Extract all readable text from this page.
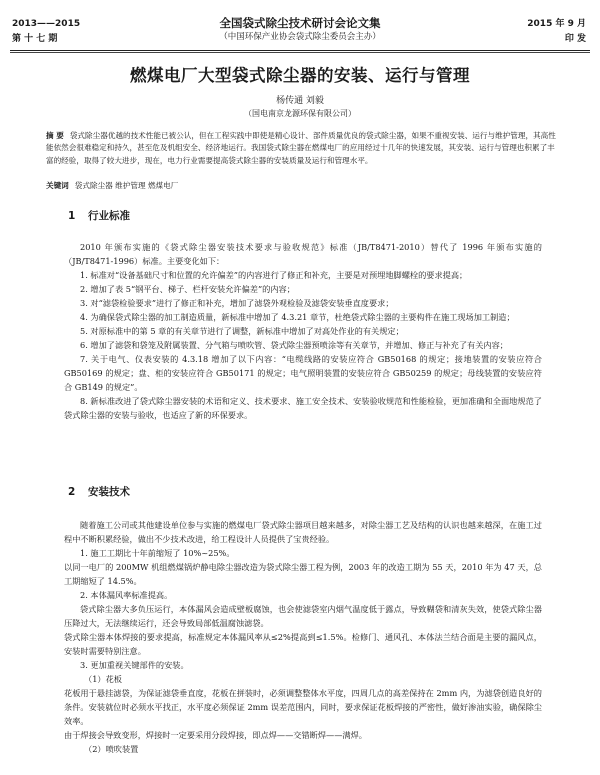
2013——2015
第 十 七 期
全国袋式除尘技术研讨会论文集
（中国环保产业协会袋式除尘委员会主办）
2015 年 9 月
印 发
燃煤电厂大型袋式除尘器的安装、运行与管理
杨传通 刘毅
（国电南京龙源环保有限公司）
摘 要 袋式除尘器优越的技术性能已被公认，但在工程实践中即使是精心设计、部件质量优良的袋式除尘器，如果不重视安装、运行与维护管理，其高性能依然会很难稳定和持久，甚至危及机组安全、经济地运行。我国袋式除尘器在燃煤电厂的应用经过十几年的快速发展，其安装、运行与管理也积累了丰富的经验，取得了较大进步，现在，电力行业需要提高袋式除尘器的安装质量及运行和管理水平。
关键词 袋式除尘器 维护管理 燃煤电厂
1 行业标准

2010 年颁布实施的《袋式除尘器安装技术要求与验收规范》标准（JB/T8471-2010）替代了 1996 年颁布实施的（JB/T8471-1996）标准。主要变化如下：

1. 标准对“设备基础尺寸和位置的允许偏差”的内容进行了修正和补充，主要是对预埋地脚螺栓的要求提高；

2. 增加了表 5“钢平台、梯子、栏杆安装允许偏差”的内容；

3. 对“滤袋检验要求”进行了修正和补充，增加了滤袋外观检验及滤袋安装垂直度要求；

4. 为确保袋式除尘器的加工制造质量，新标准中增加了 4.3.21 章节，杜绝袋式除尘器的主要构件在施工现场加工制造；

5. 对原标准中的第 5 章的有关章节进行了调整，新标准中增加了对高处作业的有关规定；

6. 增加了滤袋和袋笼及附属装置、分气箱与喷吹管、袋式除尘器预喷涂等有关章节，并增加、修正与补充了有关内容；

7. 关于电气、仪表安装的 4.3.18 增加了以下内容：“电缆线路的安装应符合 GB50168 的规定；接地装置的安装应符合 GB50169 的规定；盘、柜的安装应符合 GB50171 的规定；电气照明装置的安装应符合 GB50259 的规定；母线装置的安装应符合 GB149 的规定”。

8. 新标准改进了袋式除尘器安装的术语和定义、技术要求、施工安全技术、安装验收规范和性能检验，更加准确和全面地规范了袋式除尘器的安装与验收，也适应了新的环保要求。

2 安装技术

随着施工公司或其他建设单位参与实施的燃煤电厂袋式除尘器项目越来越多，对除尘器工艺及结构的认识也越来越深，在施工过程中不断积累经验，做出不少技术改进，给工程设计人员提供了宝贵经验。

1. 施工工期比十年前缩短了 10%~25%。

以同一电厂的 200MW 机组燃煤锅炉静电除尘器改造为袋式除尘器工程为例，2003 年的改造工期为 55 天，2010 年为 47 天，总工期缩短了 14.5%。

2. 本体漏风率标准提高。

袋式除尘器大多负压运行，本体漏风会造成壁板腐蚀，也会使滤袋室内烟气温度低于露点，导致糊袋和清灰失效，使袋式除尘器压降过大，无法继续运行，还会导致局部低温腐蚀滤袋。

袋式除尘器本体焊接的要求提高，标准规定本体漏风率从≤2%提高到≤1.5%。检修门、通风孔、本体法兰结合面是主要的漏风点，安装时需要特别注意。

3. 更加重视关键部件的安装。

（1）花板

花板用于悬挂滤袋，为保证滤袋垂直度，花板在拼装时，必须调整整体水平度，四周几点的高差保持在 2mm 内，为滤袋创造良好的条件。安装就位时必须水平找正，水平度必须保证 2mm 误差范围内，同时，要求保证花板焊接的严密性，做好渗油实验，确保除尘效率。

由于焊接会导致变形，焊接时一定要采用分段焊接，即点焊——交错断焊——满焊。

（2）喷吹装置
